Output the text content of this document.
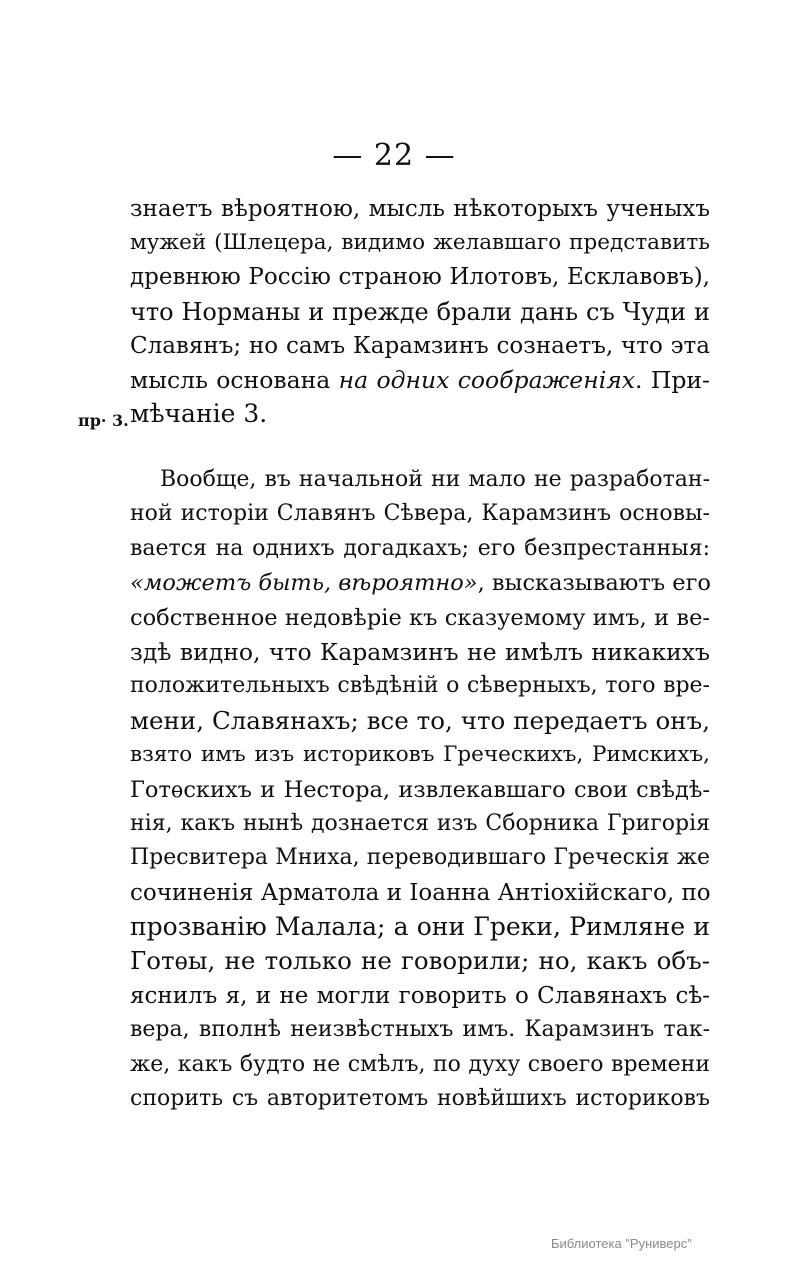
— 22 —
пр· 3.
знаетъ вѣроятною, мысль нѣкоторыхъ ученыхъ
мужей (Шлецера, видимо желавшаго представить
древнюю Россію страною Илотовъ, Есклавовъ),
что Норманы и прежде брали дань съ Чуди и
Славянъ; но самъ Карамзинъ сознаетъ, что эта
мысль основана на одних соображеніях. При-
мѣчаніе 3.
Вообще, въ начальной ни мало не разработан-
ной исторіи Славянъ Сѣвера, Карамзинъ основы-
вается на однихъ догадкахъ; его безпрестанныя:
«можетъ быть, вѣроятно», высказываютъ его
собственное недовѣріе къ сказуемому имъ, и ве-
здѣ видно, что Карамзинъ не имѣлъ никакихъ
положительныхъ свѣдѣній о сѣверныхъ, того вре-
мени, Славянахъ; все то, что передаетъ онъ,
взято имъ изъ историковъ Греческихъ, Римскихъ,
Готѳскихъ и Нестора, извлекавшаго свои свѣдѣ-
нія, какъ нынѣ дознается изъ Сборника Григорія
Пресвитера Мниха, переводившаго Греческія же
сочиненія Арматола и Іоанна Антіохійскаго, по
прозванію Малала; а они Греки, Римляне и
Готѳы, не только не говорили; но, какъ объ-
яснилъ я, и не могли говорить о Славянахъ сѣ-
вера, вполнѣ неизвѣстныхъ имъ. Карамзинъ так-
же, какъ будто не смѣлъ, по духу своего времени
спорить съ авторитетомъ новѣйшихъ историковъ
Библиотека "Руниверс"
